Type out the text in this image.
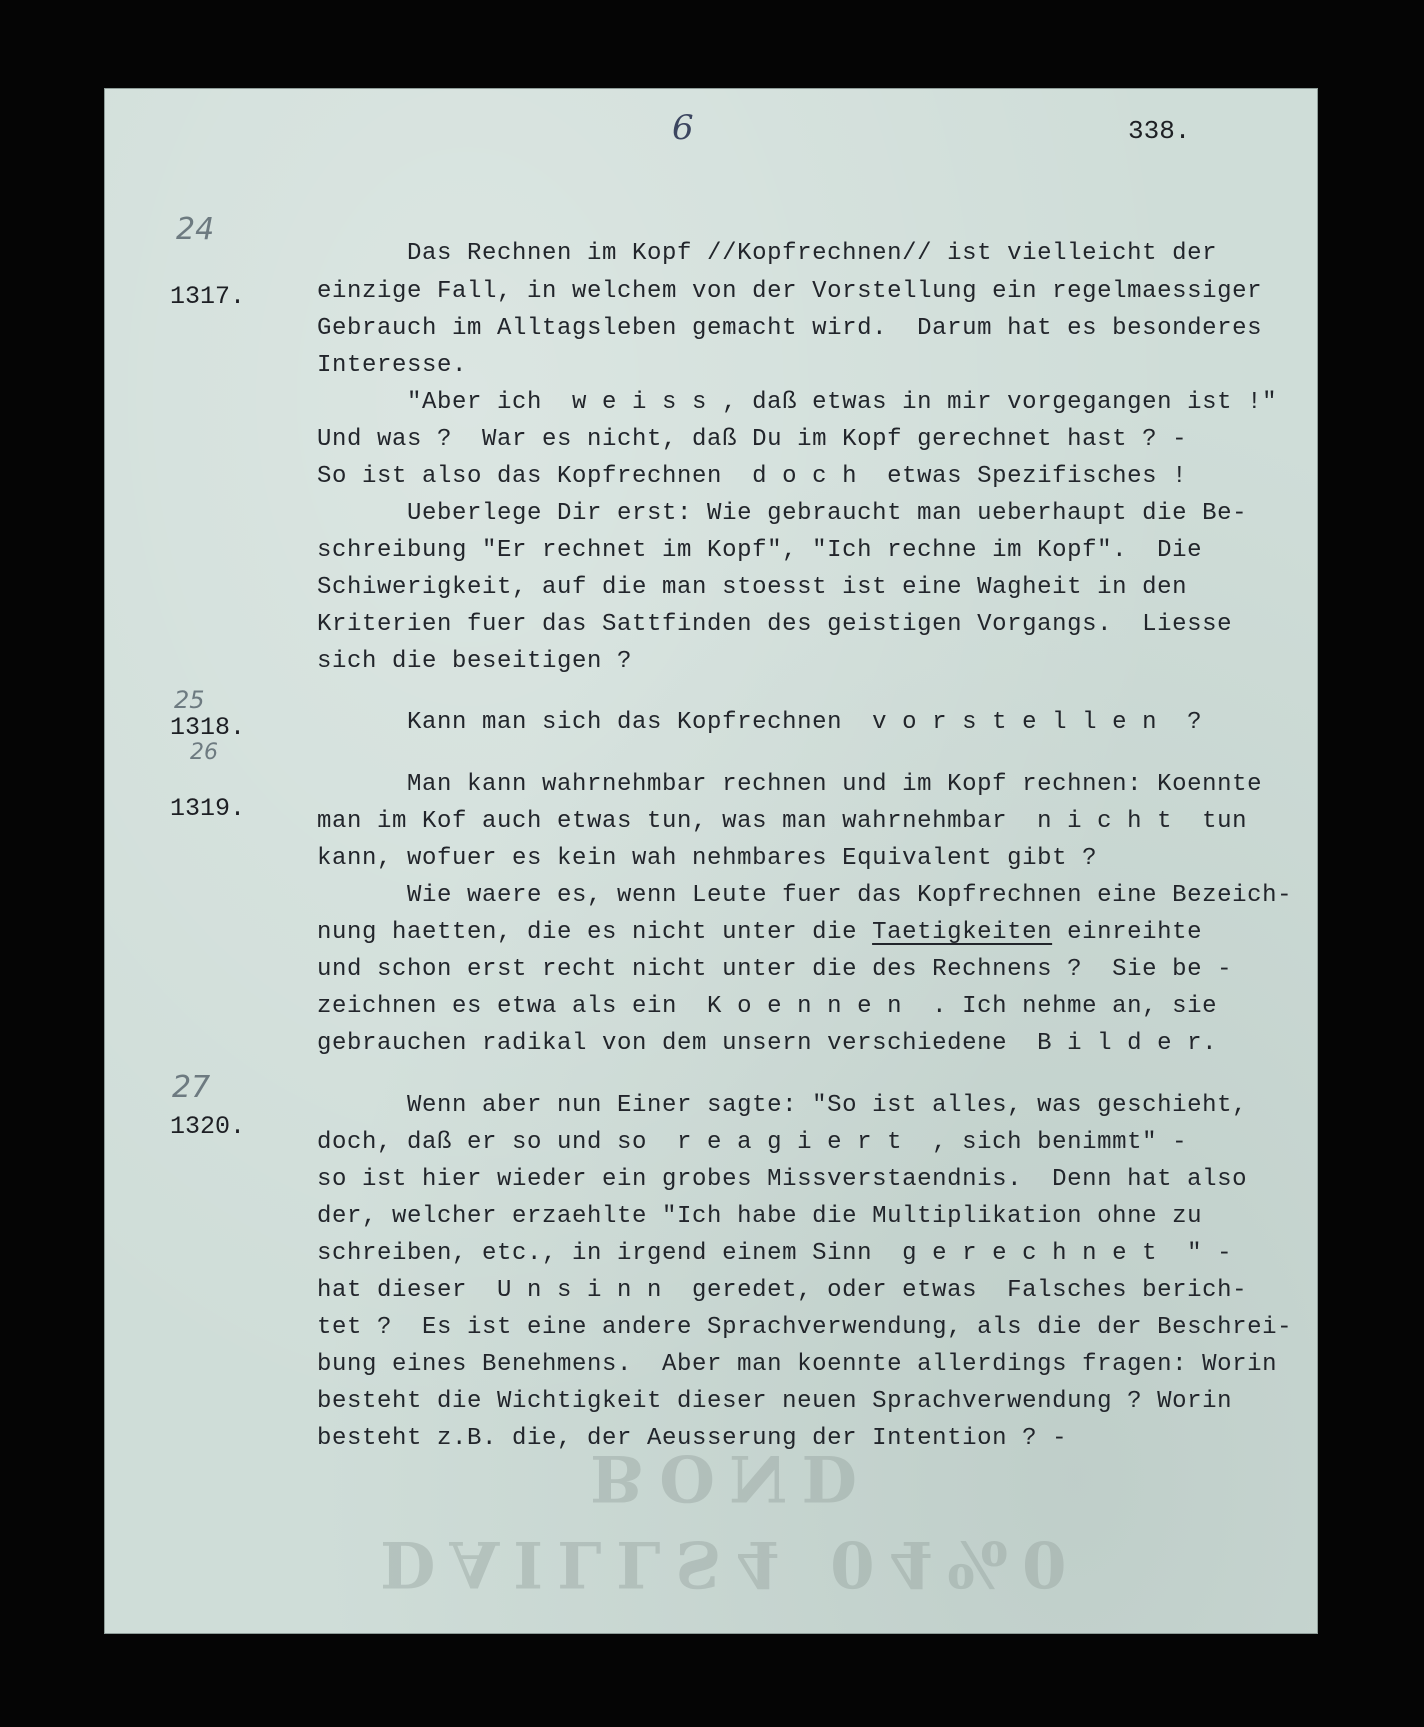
6	338.
24
25
26
27
1317.
Das Rechnen im Kopf //Kopfrechnen// ist vielleicht der
einzige Fall, in welchem von der Vorstellung ein regelmaessiger
Gebrauch im Alltagsleben gemacht wird.  Darum hat es besonderes
Interesse.
"Aber ich  w e i s s , daß etwas in mir vorgegangen ist !"
Und was ?  War es nicht, daß Du im Kopf gerechnet hast ? -
So ist also das Kopfrechnen  d o c h  etwas Spezifisches !
Ueberlege Dir erst: Wie gebraucht man ueberhaupt die Be-
schreibung "Er rechnet im Kopf", "Ich rechne im Kopf".  Die
Schiwerigkeit, auf die man stoesst ist eine Wagheit in den
Kriterien fuer das Sattfinden des geistigen Vorgangs.  Liesse
sich die beseitigen ?
1318.	Kann man sich das Kopfrechnen  v o r s t e l l e n  ?
1319.
Man kann wahrnehmbar rechnen und im Kopf rechnen: Koennte
man im Kof auch etwas tun, was man wahrnehmbar  n i c h t  tun
kann, wofuer es kein wah nehmbares Equivalent gibt ?
Wie waere es, wenn Leute fuer das Kopfrechnen eine Bezeich-
nung haetten, die es nicht unter die Taetigkeiten einreihte
und schon erst recht nicht unter die des Rechnens ?  Sie be -
zeichnen es etwa als ein  K o e n n e n  . Ich nehme an, sie
gebrauchen radikal von dem unsern verschiedene  B i l d e r.
1320.
Wenn aber nun Einer sagte: "So ist alles, was geschieht,
doch, daß er so und so  r e a g i e r t  , sich benimmt" -
so ist hier wieder ein grobes Missverstaendnis.  Denn hat also
der, welcher erzaehlte "Ich habe die Multiplikation ohne zu
schreiben, etc., in irgend einem Sinn  g e r e c h n e t  " -
hat dieser  U n s i n n  geredet, oder etwas  Falsches berich-
tet ?  Es ist eine andere Sprachverwendung, als die der Beschrei-
bung eines Benehmens.  Aber man koennte allerdings fragen: Worin
besteht die Wichtigkeit dieser neuen Sprachverwendung ? Worin
besteht z.B. die, der Aeusserung der Intention ? -
BOND
DAILLS4 04%0
